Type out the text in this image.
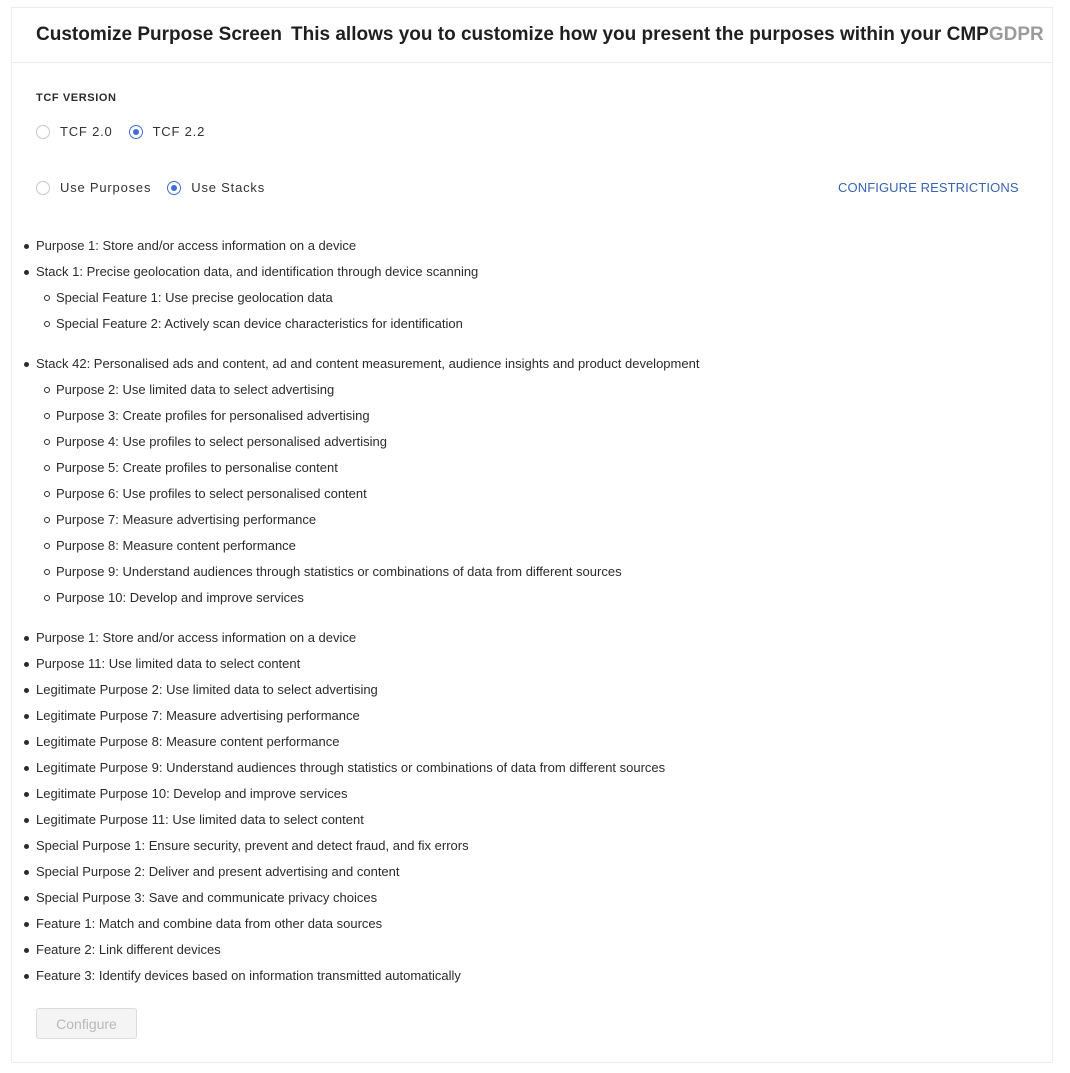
Customize Purpose Screen This allows you to customize how you present the purposes within your CMP GDPR
TCF VERSION
TCF 2.0	TCF 2.2
Use Purposes	Use Stacks	CONFIGURE RESTRICTIONS
Purpose 1: Store and/or access information on a device
Stack 1: Precise geolocation data, and identification through device scanning
Special Feature 1: Use precise geolocation data
Special Feature 2: Actively scan device characteristics for identification
Stack 42: Personalised ads and content, ad and content measurement, audience insights and product development
Purpose 2: Use limited data to select advertising
Purpose 3: Create profiles for personalised advertising
Purpose 4: Use profiles to select personalised advertising
Purpose 5: Create profiles to personalise content
Purpose 6: Use profiles to select personalised content
Purpose 7: Measure advertising performance
Purpose 8: Measure content performance
Purpose 9: Understand audiences through statistics or combinations of data from different sources
Purpose 10: Develop and improve services
Purpose 1: Store and/or access information on a device
Purpose 11: Use limited data to select content
Legitimate Purpose 2: Use limited data to select advertising
Legitimate Purpose 7: Measure advertising performance
Legitimate Purpose 8: Measure content performance
Legitimate Purpose 9: Understand audiences through statistics or combinations of data from different sources
Legitimate Purpose 10: Develop and improve services
Legitimate Purpose 11: Use limited data to select content
Special Purpose 1: Ensure security, prevent and detect fraud, and fix errors
Special Purpose 2: Deliver and present advertising and content
Special Purpose 3: Save and communicate privacy choices
Feature 1: Match and combine data from other data sources
Feature 2: Link different devices
Feature 3: Identify devices based on information transmitted automatically
Configure
